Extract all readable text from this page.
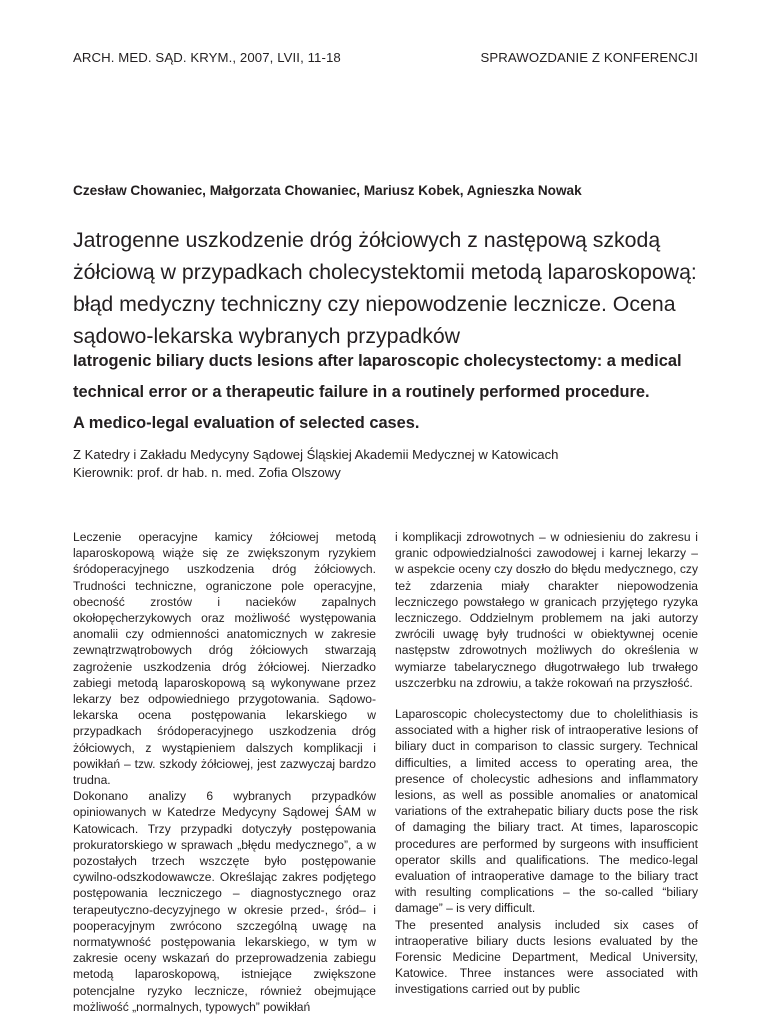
ARCH. MED. SĄD. KRYM., 2007, LVII, 11-18	SPRAWOZDANIE Z KONFERENCJI
Czesław Chowaniec, Małgorzata Chowaniec, Mariusz Kobek, Agnieszka Nowak
Jatrogenne uszkodzenie dróg żółciowych z następową szkodą
żółciową w przypadkach cholecystektomii metodą laparoskopową:
błąd medyczny techniczny czy niepowodzenie lecznicze. Ocena
sądowo-lekarska wybranych przypadków
Iatrogenic biliary ducts lesions after laparoscopic cholecystectomy: a medical
technical error or a therapeutic failure in a routinely performed procedure.
A medico-legal evaluation of selected cases.
Z Katedry i Zakładu Medycyny Sądowej Śląskiej Akademii Medycznej w Katowicach
Kierownik: prof. dr hab. n. med. Zofia Olszowy

Leczenie operacyjne kamicy żółciowej metodą laparoskopową wiąże się ze zwiększonym ryzykiem śródoperacyjnego uszkodzenia dróg żółciowych. Trudności techniczne, ograniczone pole operacyjne, obecność zrostów i nacieków zapalnych okołopęcherzykowych oraz możliwość występowania anomalii czy odmienności anatomicznych w zakresie zewnątrzwątrobowych dróg żółciowych stwarzają zagrożenie uszkodzenia dróg żółciowej. Nierzadko zabiegi metodą laparoskopową są wykonywane przez lekarzy bez odpowiedniego przygotowania. Sądowo-lekarska ocena postępowania lekarskiego w przypadkach śródoperacyjnego uszkodzenia dróg żółciowych, z wystąpieniem dalszych komplikacji i powikłań – tzw. szkody żółciowej, jest zazwyczaj bardzo trudna.

Dokonano analizy 6 wybranych przypadków opiniowanych w Katedrze Medycyny Sądowej ŚAM w Katowicach. Trzy przypadki dotyczyły postępowania prokuratorskiego w sprawach „błędu medycznego”, a w pozostałych trzech wszczęte było postępowanie cywilno-odszkodowawcze. Określając zakres podjętego postępowania leczniczego – diagnostycznego oraz terapeutyczno-decyzyjnego w okresie przed-, śród– i pooperacyjnym zwrócono szczególną uwagę na normatywność postępowania lekarskiego, w tym w zakresie oceny wskazań do przeprowadzenia zabiegu metodą laparoskopową, istniejące zwiększone potencjalne ryzyko lecznicze, również obejmujące możliwość „normalnych, typowych” powikłań

i komplikacji zdrowotnych – w odniesieniu do zakresu i granic odpowiedzialności zawodowej i karnej lekarzy – w aspekcie oceny czy doszło do błędu medycznego, czy też zdarzenia miały charakter niepowodzenia leczniczego powstałego w granicach przyjętego ryzyka leczniczego. Oddzielnym problemem na jaki autorzy zwrócili uwagę były trudności w obiektywnej ocenie następstw zdrowotnych możliwych do określenia w wymiarze tabelarycznego długotrwałego lub trwałego uszczerbku na zdrowiu, a także rokowań na przyszłość.

Laparoscopic cholecystectomy due to cholelithiasis is associated with a higher risk of intraoperative lesions of biliary duct in comparison to classic surgery. Technical difficulties, a limited access to operating area, the presence of cholecystic adhesions and inflammatory lesions, as well as possible anomalies or anatomical variations of the extrahepatic biliary ducts pose the risk of damaging the biliary tract. At times, laparoscopic procedures are performed by surgeons with insufficient operator skills and qualifications. The medico-legal evaluation of intraoperative damage to the biliary tract with resulting complications – the so-called “biliary damage” – is very difficult.

The presented analysis included six cases of intraoperative biliary ducts lesions evaluated by the Forensic Medicine Department, Medical University, Katowice. Three instances were associated with investigations carried out by public
